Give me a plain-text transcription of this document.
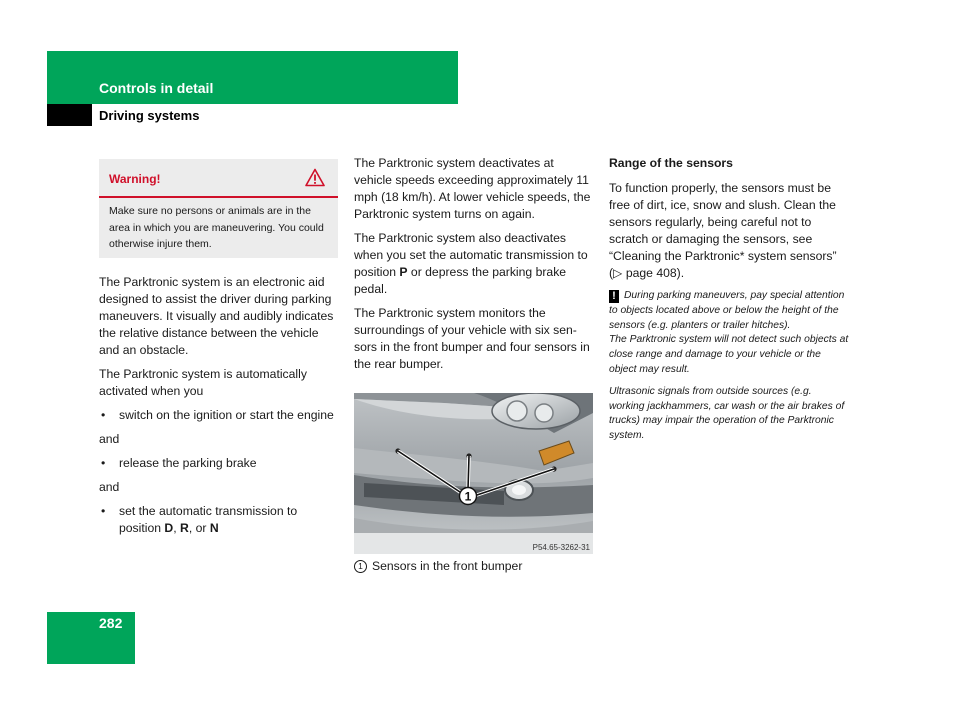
Controls in detail
Driving systems
Warning!
Make sure no persons or animals are in the area in which you are maneuvering. You could otherwise injure them.

The Parktronic system is an electronic aid designed to assist the driver during parking maneuvers. It visually and audibly indicates the relative distance between the vehicle and an obstacle.

The Parktronic system is automatically activated when you

• switch on the ignition or start the engine

and

• release the parking brake

and

• set the automatic transmission to position D, R, or N

The Parktronic system deactivates at vehicle speeds exceeding approximately 11 mph (18 km/h). At lower vehicle speeds, the Parktronic system turns on again.

The Parktronic system also deactivates when you set the automatic transmission to position P or depress the parking brake pedal.

The Parktronic system monitors the surroundings of your vehicle with six sen-sors in the front bumper and four sensors in the rear bumper.

1
P54.65-3262-31
1 Sensors in the front bumper

Range of the sensors

To function properly, the sensors must be free of dirt, ice, snow and slush. Clean the sensors regularly, being careful not to scratch or damaging the sensors, see “Cleaning the Parktronic* system sensors” (▷ page 408).

! During parking maneuvers, pay special attention to objects located above or below the height of the sensors (e.g. planters or trailer hitches).
The Parktronic system will not detect such objects at close range and damage to your vehicle or the object may result.

Ultrasonic signals from outside sources (e.g. working jackhammers, car wash or the air brakes of trucks) may impair the operation of the Parktronic system.

282
